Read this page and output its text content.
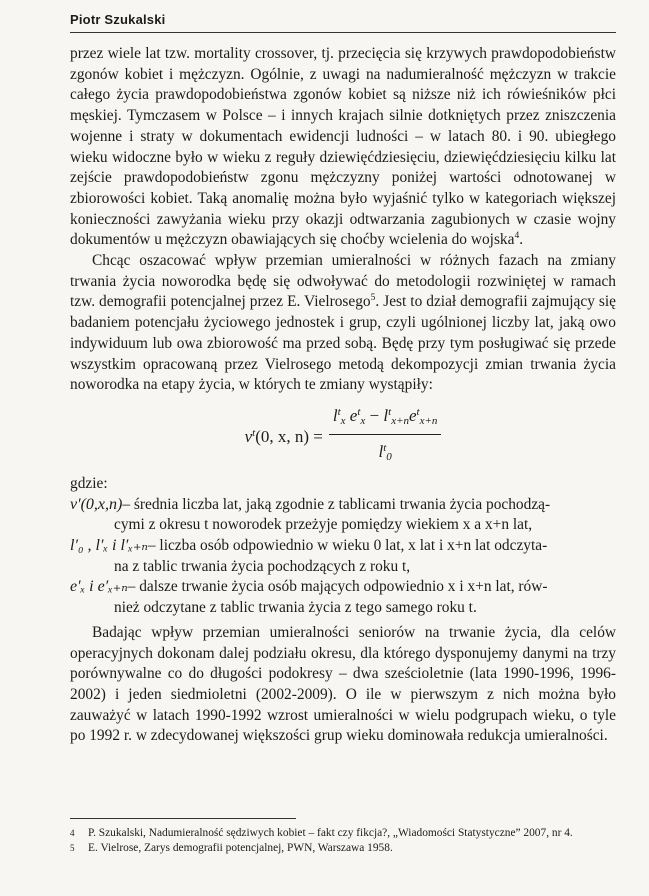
Piotr Szukalski

przez wiele lat tzw. mortality crossover, tj. przecięcia się krzywych prawdopodobieństw zgonów kobiet i mężczyzn. Ogólnie, z uwagi na nadumieralność mężczyzn w trakcie całego życia prawdopodobieństwa zgonów kobiet są niższe niż ich rówieśników płci męskiej. Tymczasem w Polsce – i innych krajach silnie dotkniętych przez zniszczenia wojenne i straty w dokumentach ewidencji ludności – w latach 80. i 90. ubiegłego wieku widoczne było w wieku z reguły dziewięćdziesięciu, dziewięćdziesięciu kilku lat zejście prawdopodobieństw zgonu mężczyzny poniżej wartości odnotowanej w zbiorowości kobiet. Taką anomalię można było wyjaśnić tylko w kategoriach większej konieczności zawyżania wieku przy okazji odtwarzania zagubionych w czasie wojny dokumentów u mężczyzn obawiających się choćby wcielenia do wojska$^4$.

Chcąc oszacować wpływ przemian umieralności w różnych fazach na zmiany trwania życia noworodka będę się odwoływać do metodologii rozwiniętej w ramach tzw. demografii potencjalnej przez E. Vielrosego$^5$. Jest to dział demografii zajmujący się badaniem potencjału życiowego jednostek i grup, czyli ugólnionej liczby lat, jaką owo indywiduum lub owa zbiorowość ma przed sobą. Będę przy tym posługiwać się przede wszystkim opracowaną przez Vielrosego metodą dekompozycji zmian trwania życia noworodka na etapy życia, w których te zmiany wystąpiły:

$v^t(0$, x, $n) = \frac{l^t_x e^t_x - l^t_{x+n}e^t_{x+n}}{l^t_0}$

gdzie:

v′(0,x,n) – średnia liczba lat, jaką zgodnie z tablicami trwania życia pochodzą-
cymi z okresu t noworodek przeżyje pomiędzy wiekiem x a x+n lat,
l′₀ , l′ₓ i l′ₓ₊ₙ – liczba osób odpowiednio w wieku 0 lat, x lat i x+n lat odczyta-
na z tablic trwania życia pochodzących z roku t,
e′ₓ i e′ₓ₊ₙ – dalsze trwanie życia osób mających odpowiednio x i x+n lat, rów-
nież odczytane z tablic trwania życia z tego samego roku t.

Badając wpływ przemian umieralności seniorów na trwanie życia, dla celów operacyjnych dokonam dalej podziału okresu, dla którego dysponujemy danymi na trzy porównywalne co do długości podokresy – dwa sześcioletnie (lata 1990-1996, 1996-2002) i jeden siedmioletni (2002-2009). O ile w pierwszym z nich można było zauważyć w latach 1990-1992 wzrost umieralności w wielu podgrupach wieku, o tyle po 1992 r. w zdecydowanej większości grup wieku dominowała redukcja umieralności.

4	P. Szukalski, Nadumieralność sędziwych kobiet – fakt czy fikcja?, „Wiadomości Statystyczne” 2007, nr 4.
5	E. Vielrose, Zarys demografii potencjalnej, PWN, Warszawa 1958.
